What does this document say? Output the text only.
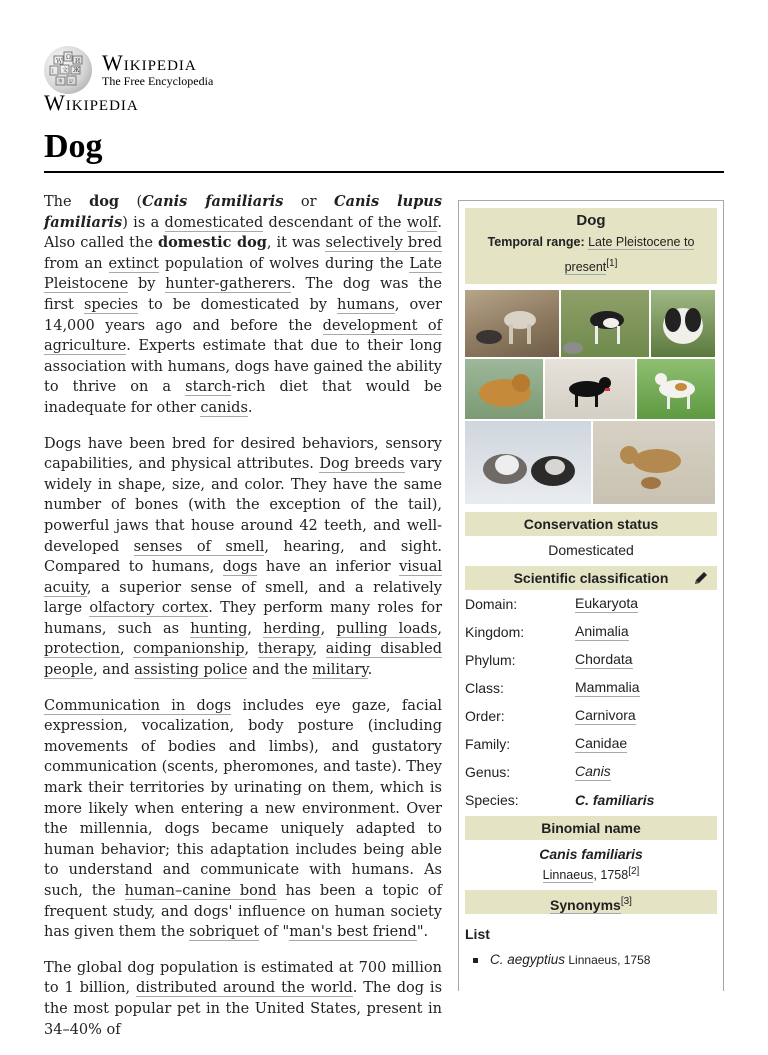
W
Ω
И
ا 文 Ж
ক ש
Wikipedia
The Free Encyclopedia
Wikipedia
Dog

The dog (Canis familiaris or Canis lupus familiaris) is a domesticated descendant of the wolf. Also called the domestic dog, it was selectively bred from an extinct population of wolves during the Late Pleistocene by hunter-gatherers. The dog was the first species to be domesticated by humans, over 14,000 years ago and before the development of agriculture. Experts estimate that due to their long association with humans, dogs have gained the ability to thrive on a starch-rich diet that would be inadequate for other canids.

Dogs have been bred for desired behaviors, sensory capabilities, and physical attributes. Dog breeds vary widely in shape, size, and color. They have the same number of bones (with the exception of the tail), powerful jaws that house around 42 teeth, and well-developed senses of smell, hearing, and sight. Compared to humans, dogs have an inferior visual acuity, a superior sense of smell, and a relatively large olfactory cortex. They perform many roles for humans, such as hunting, herding, pulling loads, protection, companionship, therapy, aiding disabled people, and assisting police and the military.

Communication in dogs includes eye gaze, facial expression, vocalization, body posture (including movements of bodies and limbs), and gustatory communication (scents, pheromones, and taste). They mark their territories by urinating on them, which is more likely when entering a new environment. Over the millennia, dogs became uniquely adapted to human behavior; this adaptation includes being able to understand and communicate with humans. As such, the human–canine bond has been a topic of frequent study, and dogs' influence on human society has given them the sobriquet of "man's best friend".

The global dog population is estimated at 700 million to 1 billion, distributed around the world. The dog is the most popular pet in the United States, present in 34–40% of

Dog
Temporal range: Late Pleistocene to present[1]
Conservation status
Domesticated
Scientific classification
Domain:	Eukaryota
Kingdom:	Animalia
Phylum:	Chordata
Class:	Mammalia
Order:	Carnivora
Family:	Canidae
Genus:	Canis
Species:	C. familiaris
Binomial name
Canis familiaris
Linnaeus, 1758[2]
Synonyms[3]
List
C. aegyptius Linnaeus, 1758
